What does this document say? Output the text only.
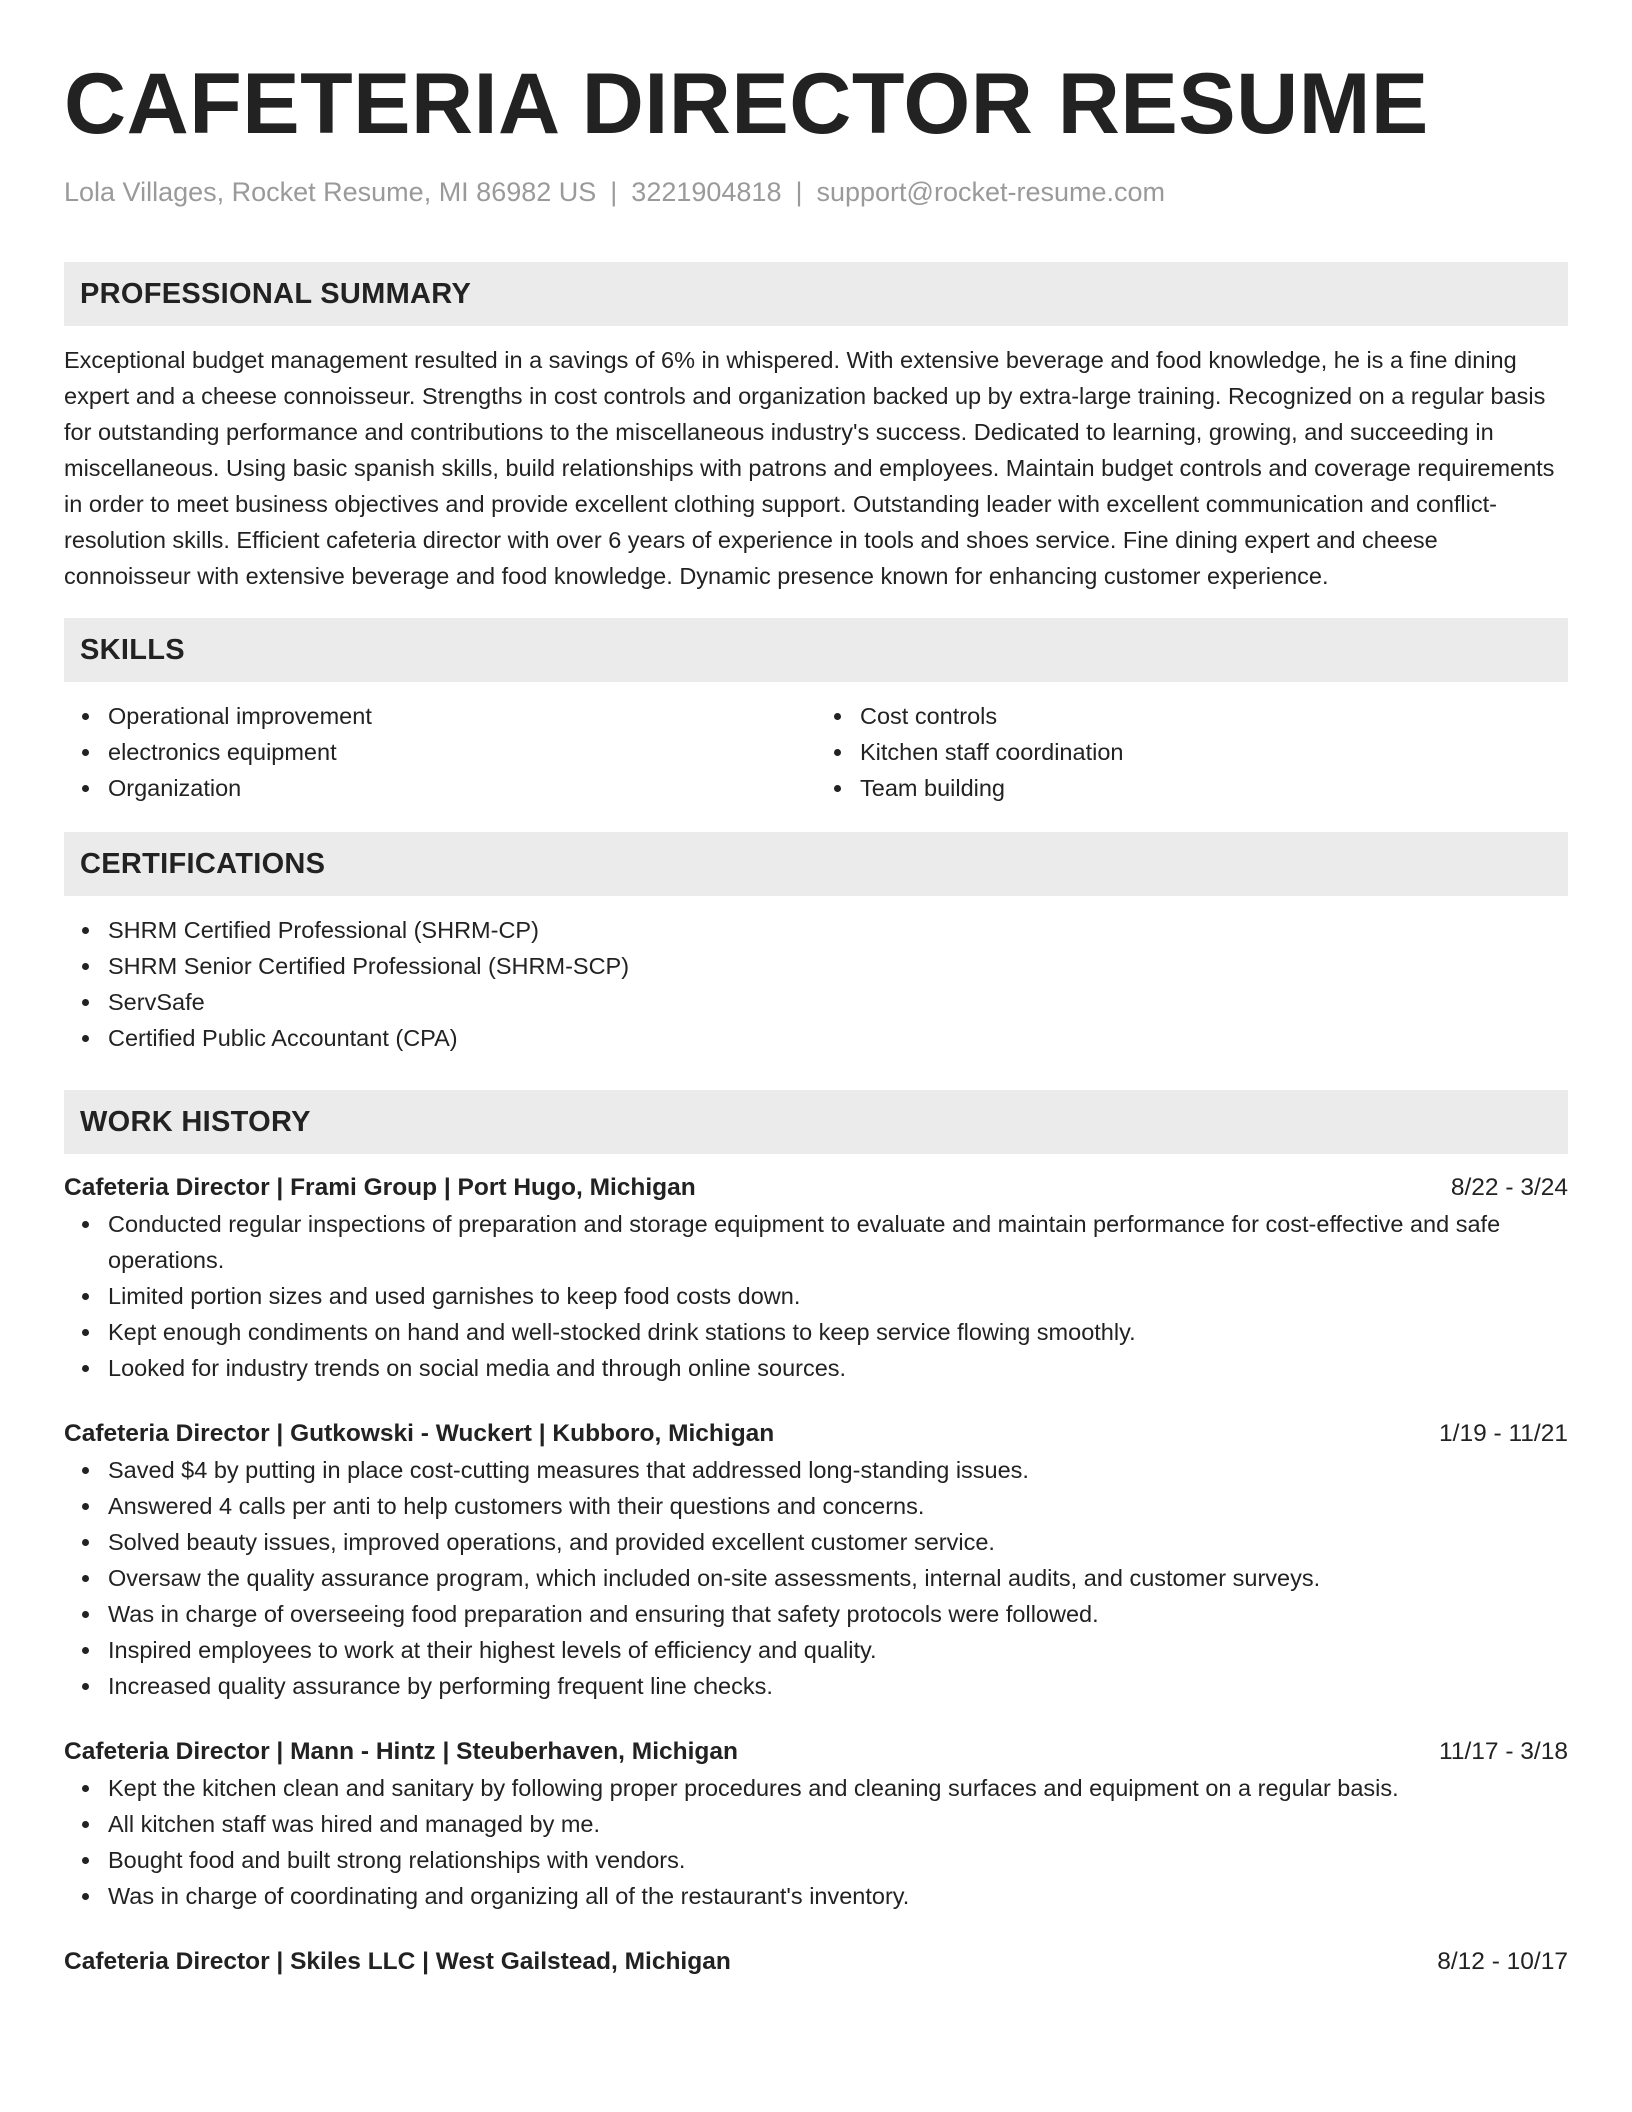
CAFETERIA DIRECTOR RESUME
Lola Villages, Rocket Resume, MI 86982 US | 3221904818 | support@rocket-resume.com
PROFESSIONAL SUMMARY

Exceptional budget management resulted in a savings of 6% in whispered. With extensive beverage and food knowledge, he is a fine dining expert and a cheese connoisseur. Strengths in cost controls and organization backed up by extra-large training. Recognized on a regular basis for outstanding performance and contributions to the miscellaneous industry's success. Dedicated to learning, growing, and succeeding in miscellaneous. Using basic spanish skills, build relationships with patrons and employees. Maintain budget controls and coverage requirements in order to meet business objectives and provide excellent clothing support. Outstanding leader with excellent communication and conflict-resolution skills. Efficient cafeteria director with over 6 years of experience in tools and shoes service. Fine dining expert and cheese connoisseur with extensive beverage and food knowledge. Dynamic presence known for enhancing customer experience.

SKILLS
Operational improvement
electronics equipment
Organization
Cost controls
Kitchen staff coordination
Team building
CERTIFICATIONS
SHRM Certified Professional (SHRM-CP)
SHRM Senior Certified Professional (SHRM-SCP)
ServSafe
Certified Public Accountant (CPA)
WORK HISTORY
Cafeteria Director | Frami Group | Port Hugo, Michigan	8/22 - 3/24
Conducted regular inspections of preparation and storage equipment to evaluate and maintain performance for cost-effective and safe operations.
Limited portion sizes and used garnishes to keep food costs down.
Kept enough condiments on hand and well-stocked drink stations to keep service flowing smoothly.
Looked for industry trends on social media and through online sources.
Cafeteria Director | Gutkowski - Wuckert | Kubboro, Michigan	1/19 - 11/21
Saved $4 by putting in place cost-cutting measures that addressed long-standing issues.
Answered 4 calls per anti to help customers with their questions and concerns.
Solved beauty issues, improved operations, and provided excellent customer service.
Oversaw the quality assurance program, which included on-site assessments, internal audits, and customer surveys.
Was in charge of overseeing food preparation and ensuring that safety protocols were followed.
Inspired employees to work at their highest levels of efficiency and quality.
Increased quality assurance by performing frequent line checks.
Cafeteria Director | Mann - Hintz | Steuberhaven, Michigan	11/17 - 3/18
Kept the kitchen clean and sanitary by following proper procedures and cleaning surfaces and equipment on a regular basis.
All kitchen staff was hired and managed by me.
Bought food and built strong relationships with vendors.
Was in charge of coordinating and organizing all of the restaurant's inventory.
Cafeteria Director | Skiles LLC | West Gailstead, Michigan	8/12 - 10/17
